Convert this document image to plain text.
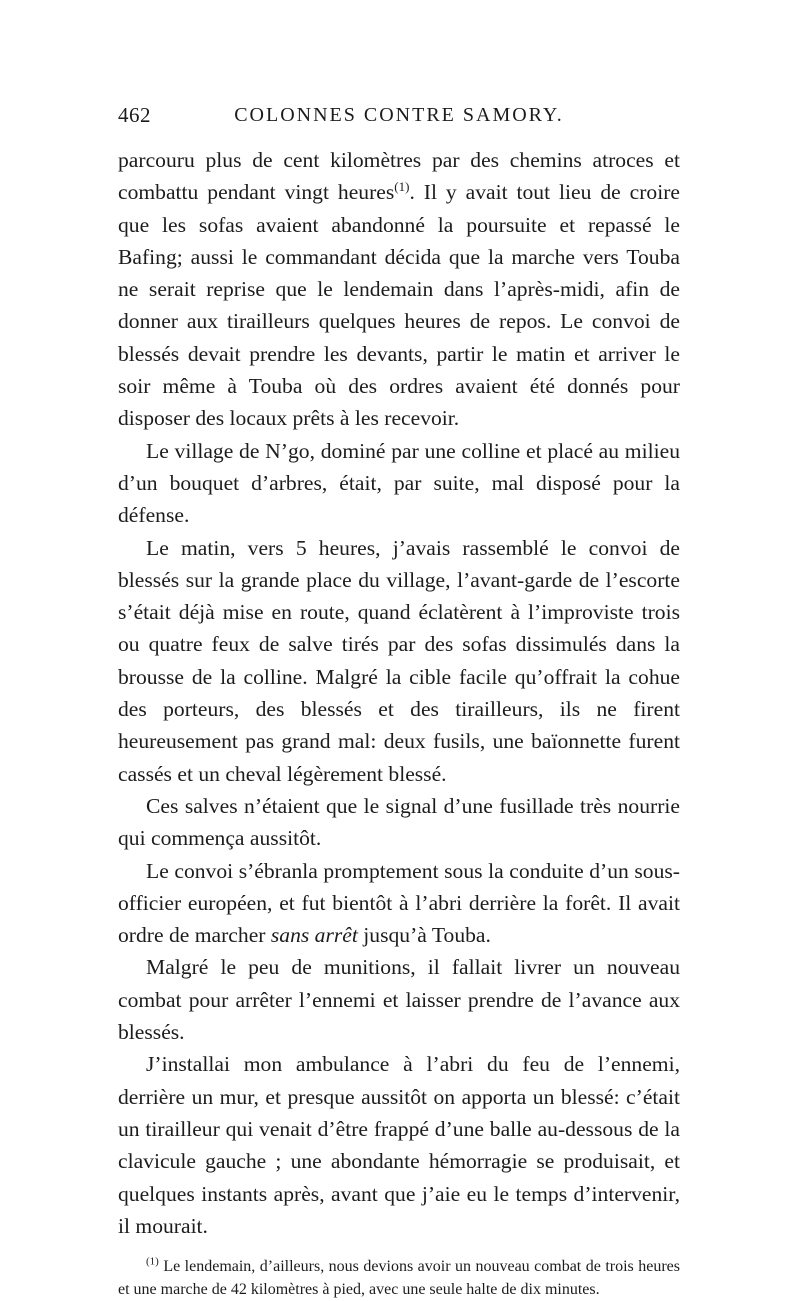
462	COLONNES CONTRE SAMORY.

parcouru plus de cent kilomètres par des chemins atroces et combattu pendant vingt heures$^{(1)}$. Il y avait tout lieu de croire que les sofas avaient abandonné la poursuite et repassé le Bafing; aussi le commandant décida que la marche vers Touba ne serait reprise que le lendemain dans l’après-midi, afin de donner aux tirailleurs quelques heures de repos. Le convoi de blessés devait prendre les devants, partir le matin et arriver le soir même à Touba où des ordres avaient été donnés pour disposer des locaux prêts à les recevoir.

Le village de N’go, dominé par une colline et placé au milieu d’un bouquet d’arbres, était, par suite, mal disposé pour la défense.

Le matin, vers 5 heures, j’avais rassemblé le convoi de blessés sur la grande place du village, l’avant-garde de l’escorte s’était déjà mise en route, quand éclatèrent à l’improviste trois ou quatre feux de salve tirés par des sofas dissimulés dans la brousse de la colline. Malgré la cible facile qu’offrait la cohue des porteurs, des blessés et des tirailleurs, ils ne firent heureusement pas grand mal: deux fusils, une baïonnette furent cassés et un cheval légèrement blessé.

Ces salves n’étaient que le signal d’une fusillade très nourrie qui commença aussitôt.

Le convoi s’ébranla promptement sous la conduite d’un sous-officier européen, et fut bientôt à l’abri derrière la forêt. Il avait ordre de marcher sans arrêt jusqu’à Touba.

Malgré le peu de munitions, il fallait livrer un nouveau combat pour arrêter l’ennemi et laisser prendre de l’avance aux blessés.

J’installai mon ambulance à l’abri du feu de l’ennemi, derrière un mur, et presque aussitôt on apporta un blessé: c’était un tirailleur qui venait d’être frappé d’une balle au-dessous de la clavicule gauche ; une abondante hémorragie se produisait, et quelques instants après, avant que j’aie eu le temps d’intervenir, il mourait.

$^{(1)}$ Le lendemain, d’ailleurs, nous devions avoir un nouveau combat de trois heures et une marche de 42 kilomètres à pied, avec une seule halte de dix minutes.
